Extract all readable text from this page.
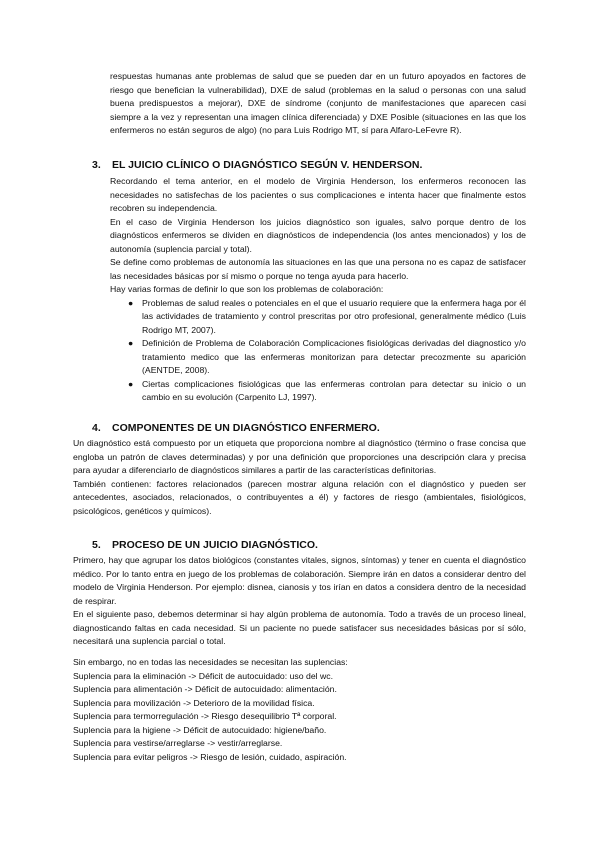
respuestas humanas ante problemas de salud que se pueden dar en un futuro apoyados en factores de riesgo que benefician la vulnerabilidad), DXE de salud (problemas en la salud o personas con una salud buena predispuestos a mejorar), DXE de síndrome (conjunto de manifestaciones que aparecen casi siempre a la vez y representan una imagen clínica diferenciada) y DXE Posible (situaciones en las que los enfermeros no están seguros de algo) (no para Luis Rodrigo MT, sí para Alfaro-LeFevre R).

3. EL JUICIO CLÍNICO O DIAGNÓSTICO SEGÚN V. HENDERSON.

Recordando el tema anterior, en el modelo de Virginia Henderson, los enfermeros reconocen las necesidades no satisfechas de los pacientes o sus complicaciones e intenta hacer que finalmente estos recobren su independencia.

En el caso de Virginia Henderson los juicios diagnóstico son iguales, salvo porque dentro de los diagnósticos enfermeros se dividen en diagnósticos de independencia (los antes mencionados) y los de autonomía (suplencia parcial y total).

Se define como problemas de autonomía las situaciones en las que una persona no es capaz de satisfacer las necesidades básicas por sí mismo o porque no tenga ayuda para hacerlo.

Hay varias formas de definir lo que son los problemas de colaboración:

● Problemas de salud reales o potenciales en el que el usuario requiere que la enfermera haga por él las actividades de tratamiento y control prescritas por otro profesional, generalmente médico (Luis Rodrigo MT, 2007).
● Definición de Problema de Colaboración Complicaciones fisiológicas derivadas del diagnostico y/o tratamiento medico que las enfermeras monitorizan para detectar precozmente su aparición (AENTDE, 2008).
● Ciertas complicaciones fisiológicas que las enfermeras controlan para detectar su inicio o un cambio en su evolución (Carpenito LJ, 1997).
4. COMPONENTES DE UN DIAGNÓSTICO ENFERMERO.

Un diagnóstico está compuesto por un etiqueta que proporciona nombre al diagnóstico (término o frase concisa que engloba un patrón de claves determinadas) y por una definición que proporciones una descripción clara y precisa para ayudar a diferenciarlo de diagnósticos similares a partir de las características definitorias.

También contienen: factores relacionados (parecen mostrar alguna relación con el diagnóstico y pueden ser antecedentes, asociados, relacionados, o contribuyentes a él) y factores de riesgo (ambientales, fisiológicos, psicológicos, genéticos y químicos).

5. PROCESO DE UN JUICIO DIAGNÓSTICO.

Primero, hay que agrupar los datos biológicos (constantes vitales, signos, síntomas) y tener en cuenta el diagnóstico médico. Por lo tanto entra en juego de los problemas de colaboración. Siempre irán en datos a considerar dentro del modelo de Virginia Henderson. Por ejemplo: disnea, cianosis y tos irían en datos a considera dentro de la necesidad de respirar.

En el siguiente paso, debemos determinar si hay algún problema de autonomía. Todo a través de un proceso lineal, diagnosticando faltas en cada necesidad. Si un paciente no puede satisfacer sus necesidades básicas por sí sólo, necesitará una suplencia parcial o total.

Sin embargo, no en todas las necesidades se necesitan las suplencias:
Suplencia para la eliminación -> Déficit de autocuidado: uso del wc.
Suplencia para alimentación -> Déficit de autocuidado: alimentación.
Suplencia para movilización -> Deterioro de la movilidad física.
Suplencia para termorregulación -> Riesgo desequilibrio Tª corporal.
Suplencia para la higiene -> Déficit de autocuidado: higiene/baño.
Suplencia para vestirse/arreglarse -> vestir/arreglarse.
Suplencia para evitar peligros -> Riesgo de lesión, cuidado, aspiración.
